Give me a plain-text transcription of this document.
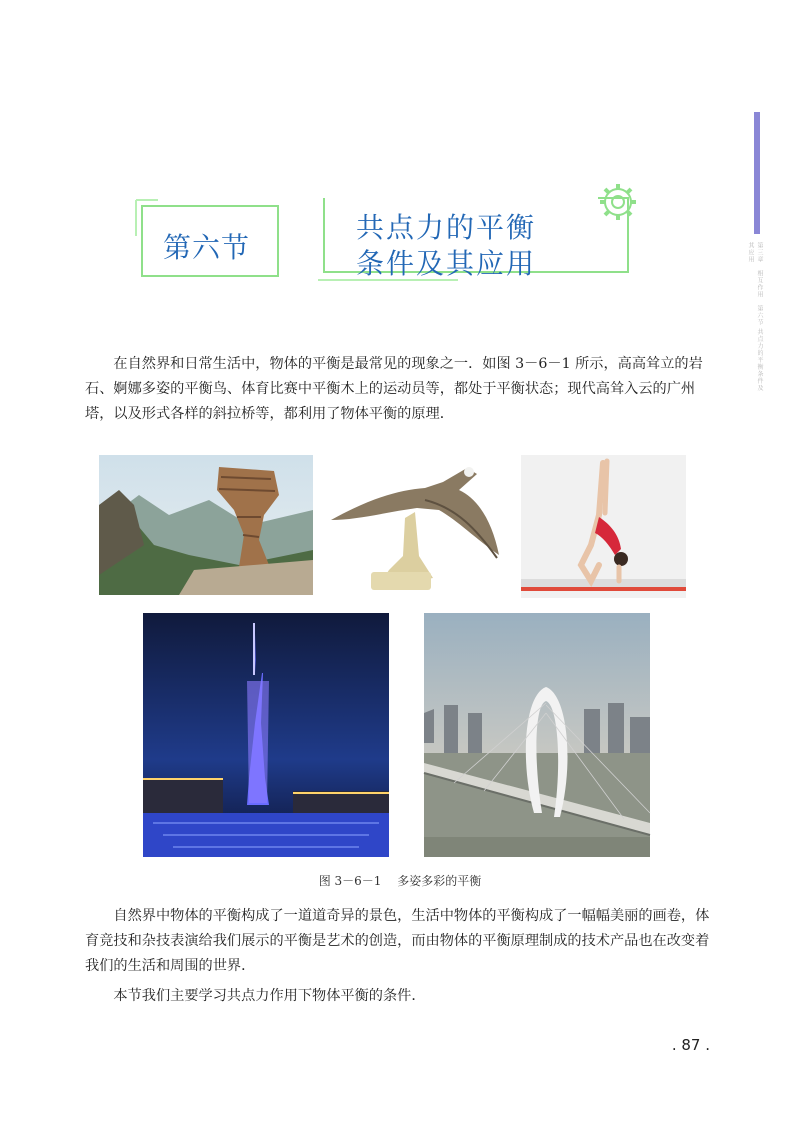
第三章　相互作用　第六节 共点力的平衡条件及其应用
第六节
共点力的平衡
条件及其应用

在自然界和日常生活中，物体的平衡是最常见的现象之一．如图 3－6－1 所示，高高耸立的岩石、婀娜多姿的平衡鸟、体育比赛中平衡木上的运动员等，都处于平衡状态；现代高耸入云的广州塔，以及形式各样的斜拉桥等，都利用了物体平衡的原理．

图 3－6－1 多姿多彩的平衡

自然界中物体的平衡构成了一道道奇异的景色，生活中物体的平衡构成了一幅幅美丽的画卷，体育竞技和杂技表演给我们展示的平衡是艺术的创造，而由物体的平衡原理制成的技术产品也在改变着我们的生活和周围的世界．

本节我们主要学习共点力作用下物体平衡的条件．

. 87 .
